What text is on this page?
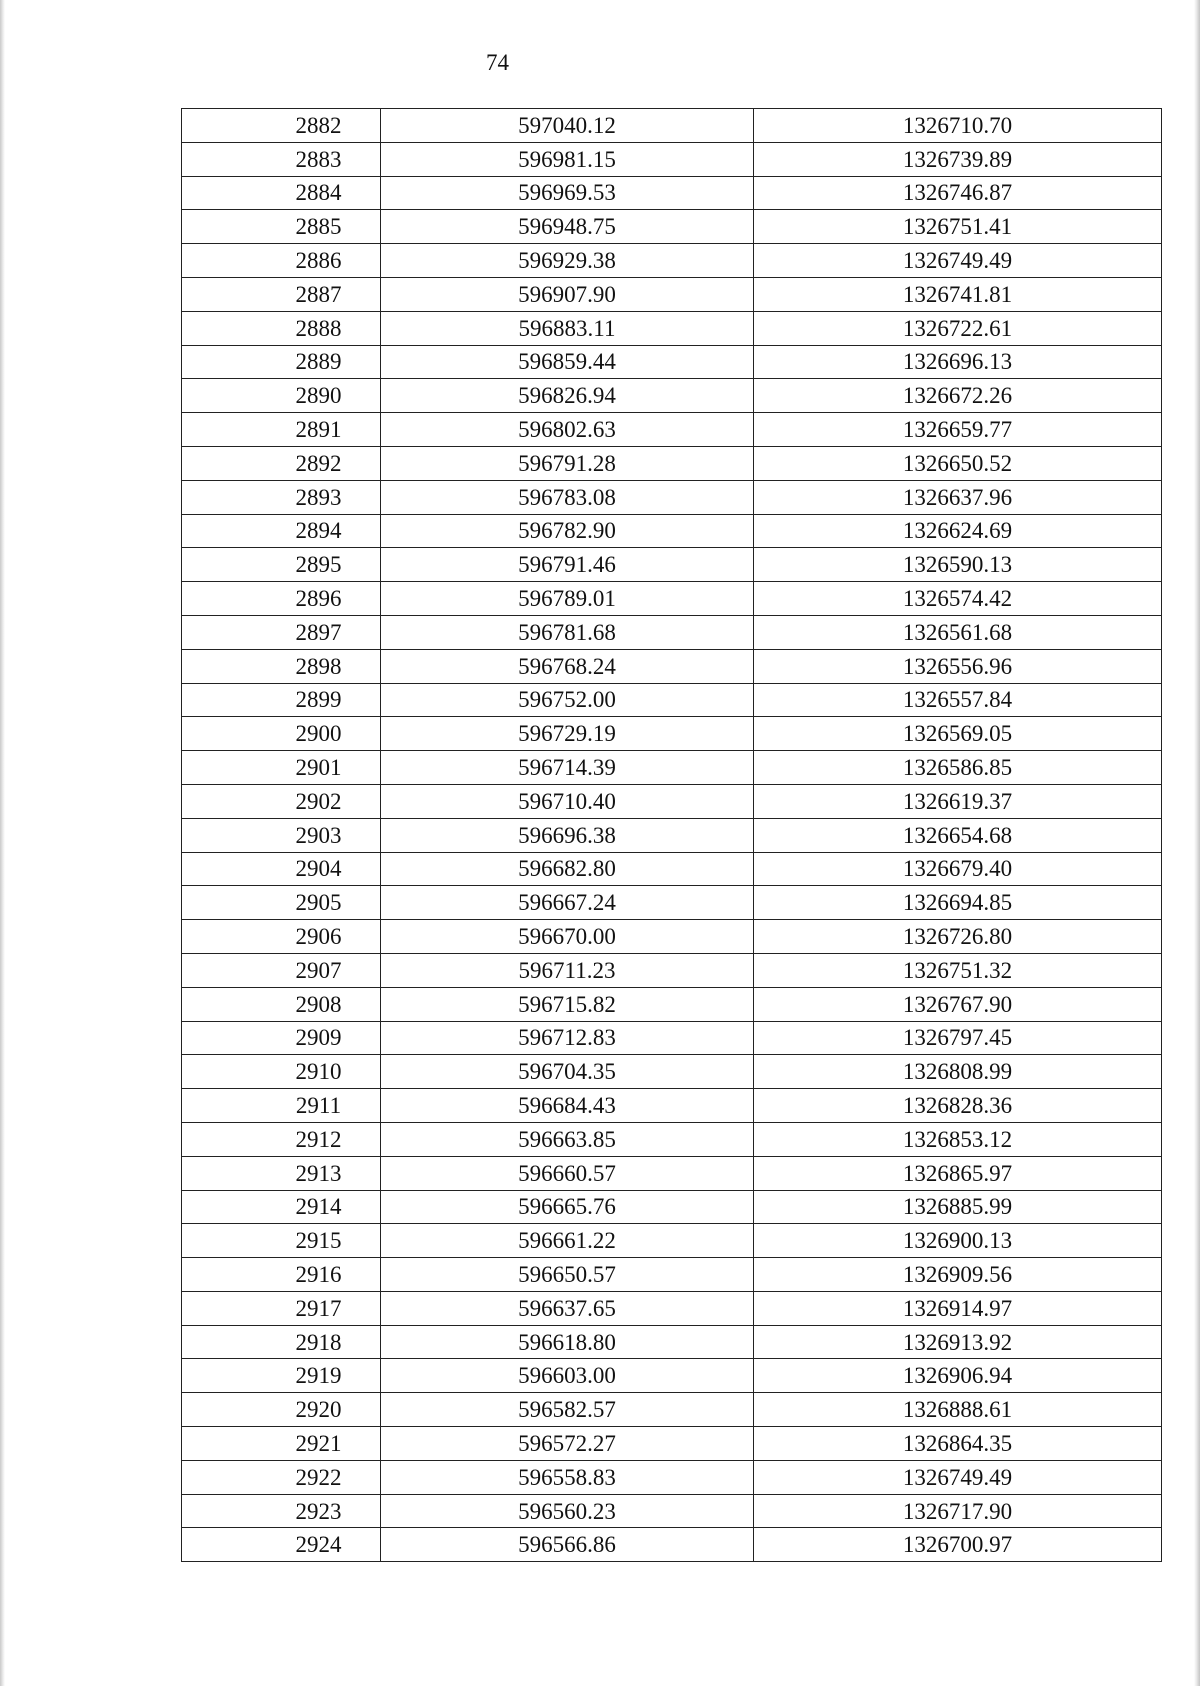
74
2882	597040.12	1326710.70
2883	596981.15	1326739.89
2884	596969.53	1326746.87
2885	596948.75	1326751.41
2886	596929.38	1326749.49
2887	596907.90	1326741.81
2888	596883.11	1326722.61
2889	596859.44	1326696.13
2890	596826.94	1326672.26
2891	596802.63	1326659.77
2892	596791.28	1326650.52
2893	596783.08	1326637.96
2894	596782.90	1326624.69
2895	596791.46	1326590.13
2896	596789.01	1326574.42
2897	596781.68	1326561.68
2898	596768.24	1326556.96
2899	596752.00	1326557.84
2900	596729.19	1326569.05
2901	596714.39	1326586.85
2902	596710.40	1326619.37
2903	596696.38	1326654.68
2904	596682.80	1326679.40
2905	596667.24	1326694.85
2906	596670.00	1326726.80
2907	596711.23	1326751.32
2908	596715.82	1326767.90
2909	596712.83	1326797.45
2910	596704.35	1326808.99
2911	596684.43	1326828.36
2912	596663.85	1326853.12
2913	596660.57	1326865.97
2914	596665.76	1326885.99
2915	596661.22	1326900.13
2916	596650.57	1326909.56
2917	596637.65	1326914.97
2918	596618.80	1326913.92
2919	596603.00	1326906.94
2920	596582.57	1326888.61
2921	596572.27	1326864.35
2922	596558.83	1326749.49
2923	596560.23	1326717.90
2924	596566.86	1326700.97
